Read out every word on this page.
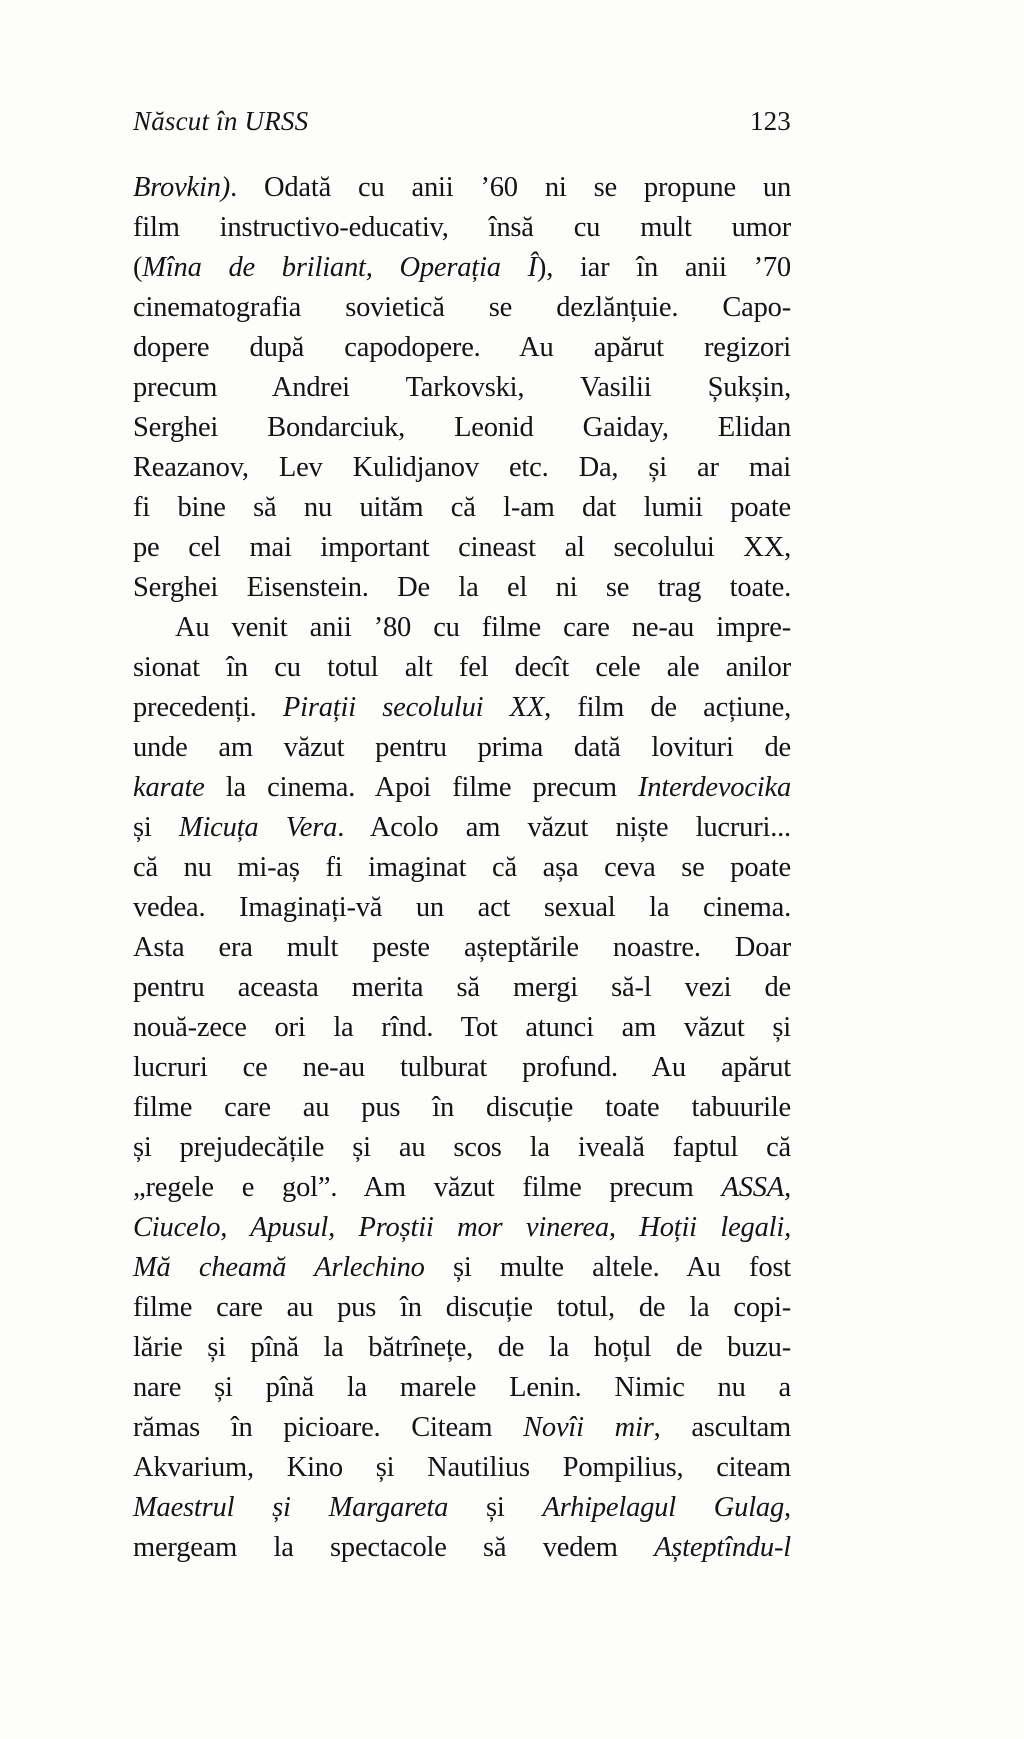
Născut în URSS	123
Brovkin). Odată cu anii ’60 ni se propune un
film instructivo-educativ, însă cu mult umor
(Mîna de briliant, Operația Î), iar în anii ’70
cinematografia sovietică se dezlănțuie. Capo-
dopere după capodopere. Au apărut regizori
precum Andrei Tarkovski, Vasilii Șukșin,
Serghei Bondarciuk, Leonid Gaiday, Elidan
Reazanov, Lev Kulidjanov etc. Da, și ar mai
fi bine să nu uităm că l-am dat lumii poate
pe cel mai important cineast al secolului XX,
Serghei Eisenstein. De la el ni se trag toate.
Au venit anii ’80 cu filme care ne-au impre-
sionat în cu totul alt fel decît cele ale anilor
precedenți. Pirații secolului XX, film de acțiune,
unde am văzut pentru prima dată lovituri de
karate la cinema. Apoi filme precum Interdevocika
și Micuța Vera. Acolo am văzut niște lucruri...
că nu mi-aș fi imaginat că așa ceva se poate
vedea. Imaginați-vă un act sexual la cinema.
Asta era mult peste așteptările noastre. Doar
pentru aceasta merita să mergi să-l vezi de
nouă-zece ori la rînd. Tot atunci am văzut și
lucruri ce ne-au tulburat profund. Au apărut
filme care au pus în discuție toate tabuurile
și prejudecățile și au scos la iveală faptul că
„regele e gol”. Am văzut filme precum ASSA,
Ciucelo, Apusul, Proștii mor vinerea, Hoții legali,
Mă cheamă Arlechino și multe altele. Au fost
filme care au pus în discuție totul, de la copi-
lărie și pînă la bătrînețe, de la hoțul de buzu-
nare și pînă la marele Lenin. Nimic nu a
rămas în picioare. Citeam Novîi mir, ascultam
Akvarium, Kino și Nautilius Pompilius, citeam
Maestrul și Margareta și Arhipelagul Gulag,
mergeam la spectacole să vedem Așteptîndu-l
